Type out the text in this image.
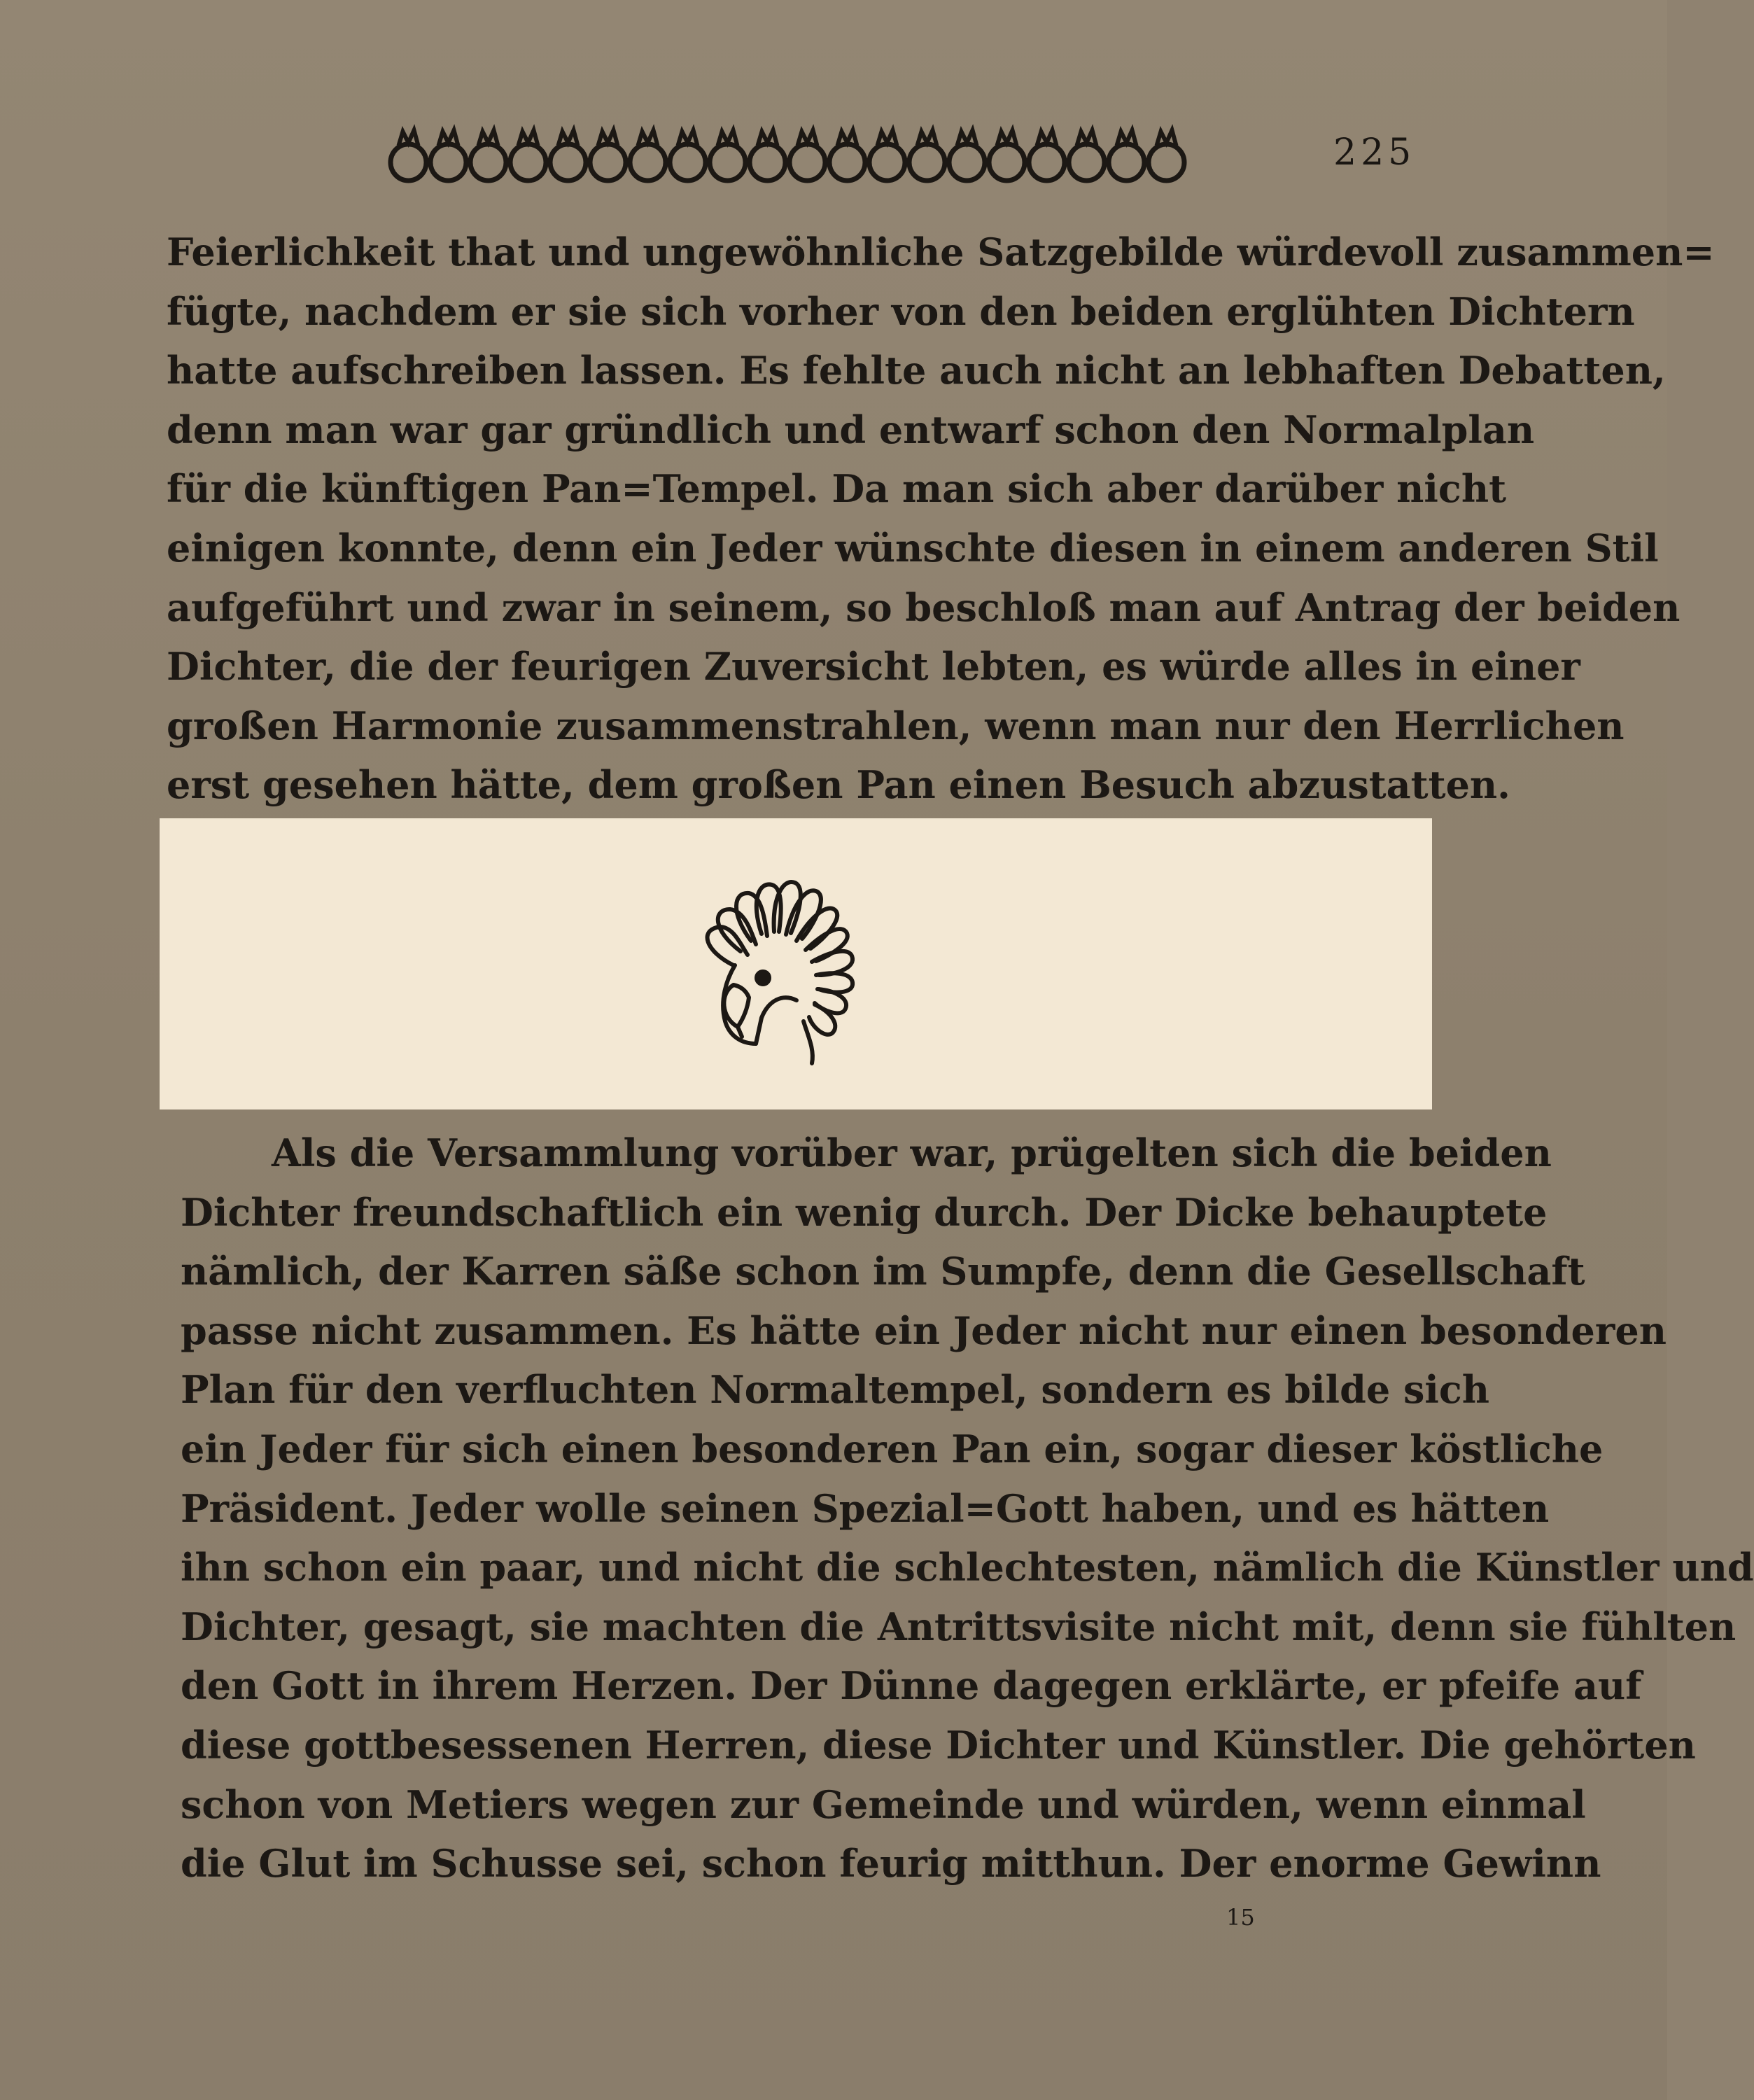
225
Feierlichkeit that und ungewöhnliche Satzgebilde würdevoll zusammen=
fügte, nachdem er sie sich vorher von den beiden erglühten Dichtern
hatte aufschreiben lassen. Es fehlte auch nicht an lebhaften Debatten,
denn man war gar gründlich und entwarf schon den Normalplan
für die künftigen Pan=Tempel. Da man sich aber darüber nicht
einigen konnte, denn ein Jeder wünschte diesen in einem anderen Stil
aufgeführt und zwar in seinem, so beschloß man auf Antrag der beiden
Dichter, die der feurigen Zuversicht lebten, es würde alles in einer
großen Harmonie zusammenstrahlen, wenn man nur den Herrlichen
erst gesehen hätte, dem großen Pan einen Besuch abzustatten.
Als die Versammlung vorüber war, prügelten sich die beiden
Dichter freundschaftlich ein wenig durch. Der Dicke behauptete
nämlich, der Karren säße schon im Sumpfe, denn die Gesellschaft
passe nicht zusammen. Es hätte ein Jeder nicht nur einen besonderen
Plan für den verfluchten Normaltempel, sondern es bilde sich
ein Jeder für sich einen besonderen Pan ein, sogar dieser köstliche
Präsident. Jeder wolle seinen Spezial=Gott haben, und es hätten
ihn schon ein paar, und nicht die schlechtesten, nämlich die Künstler und
Dichter, gesagt, sie machten die Antrittsvisite nicht mit, denn sie fühlten
den Gott in ihrem Herzen. Der Dünne dagegen erklärte, er pfeife auf
diese gottbesessenen Herren, diese Dichter und Künstler. Die gehörten
schon von Metiers wegen zur Gemeinde und würden, wenn einmal
die Glut im Schusse sei, schon feurig mitthun. Der enorme Gewinn
15
